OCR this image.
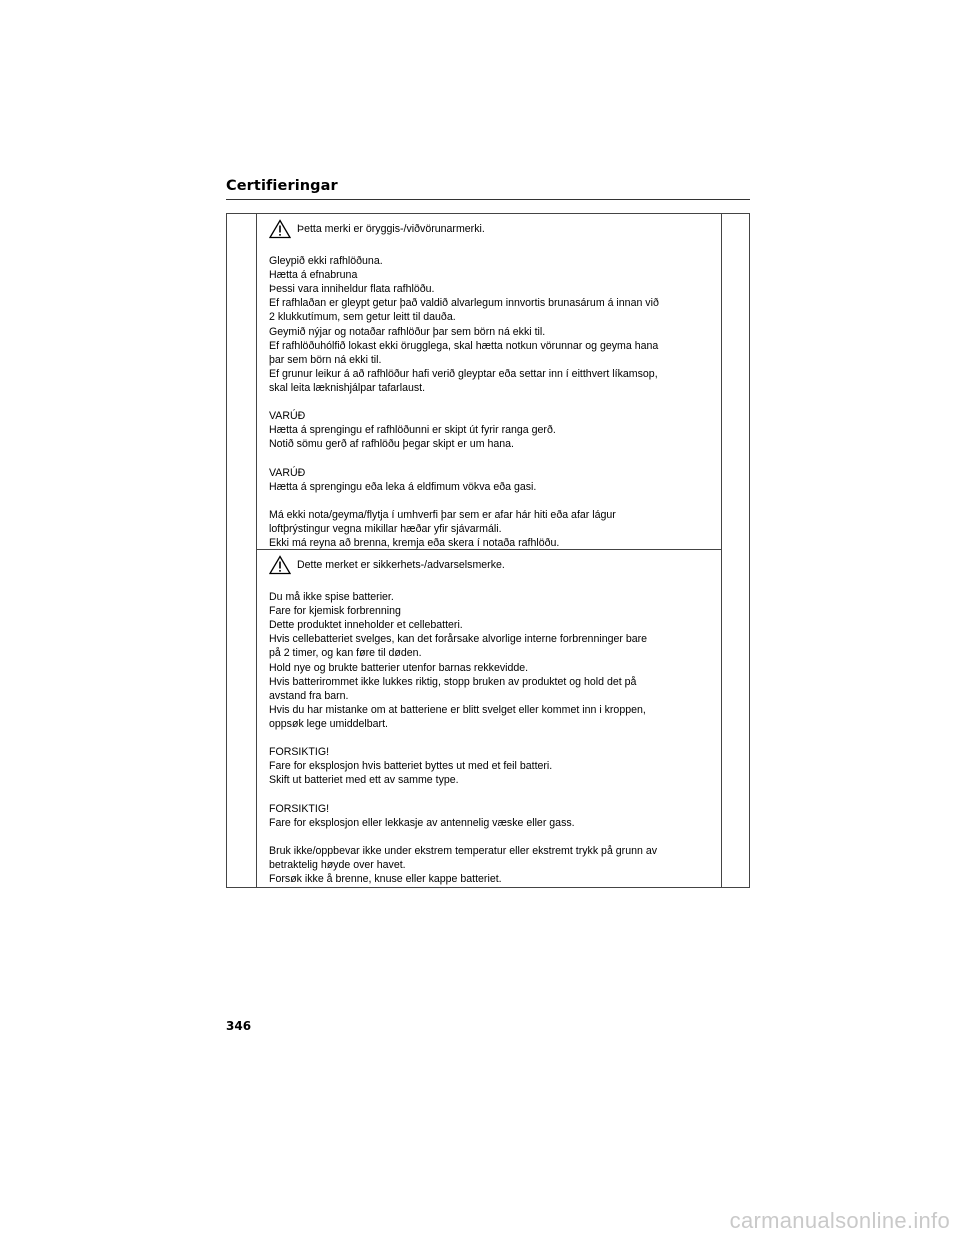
Certifieringar
Þetta merki er öryggis-/viðvörunarmerki.

Gleypið ekki rafhlöðuna.

Hætta á efnabruna

Þessi vara inniheldur flata rafhlöðu.

Ef rafhlaðan er gleypt getur það valdið alvarlegum innvortis brunasárum á innan við

2 klukkutímum, sem getur leitt til dauða.

Geymið nýjar og notaðar rafhlöður þar sem börn ná ekki til.

Ef rafhlöðuhólfið lokast ekki örugglega, skal hætta notkun vörunnar og geyma hana

þar sem börn ná ekki til.

Ef grunur leikur á að rafhlöður hafi verið gleyptar eða settar inn í eitthvert líkamsop,

skal leita læknishjálpar tafarlaust.

VARÚÐ

Hætta á sprengingu ef rafhlöðunni er skipt út fyrir ranga gerð.

Notið sömu gerð af rafhlöðu þegar skipt er um hana.

VARÚÐ

Hætta á sprengingu eða leka á eldfimum vökva eða gasi.

Má ekki nota/geyma/flytja í umhverfi þar sem er afar hár hiti eða afar lágur

loftþrýstingur vegna mikillar hæðar yfir sjávarmáli.

Ekki má reyna að brenna, kremja eða skera í notaða rafhlöðu.

Dette merket er sikkerhets-/advarselsmerke.

Du må ikke spise batterier.

Fare for kjemisk forbrenning

Dette produktet inneholder et cellebatteri.

Hvis cellebatteriet svelges, kan det forårsake alvorlige interne forbrenninger bare

på 2 timer, og kan føre til døden.

Hold nye og brukte batterier utenfor barnas rekkevidde.

Hvis batterirommet ikke lukkes riktig, stopp bruken av produktet og hold det på

avstand fra barn.

Hvis du har mistanke om at batteriene er blitt svelget eller kommet inn i kroppen,

oppsøk lege umiddelbart.

FORSIKTIG!

Fare for eksplosjon hvis batteriet byttes ut med et feil batteri.

Skift ut batteriet med ett av samme type.

FORSIKTIG!

Fare for eksplosjon eller lekkasje av antennelig væske eller gass.

Bruk ikke/oppbevar ikke under ekstrem temperatur eller ekstremt trykk på grunn av

betraktelig høyde over havet.

Forsøk ikke å brenne, knuse eller kappe batteriet.

346
carmanualsonline.info
